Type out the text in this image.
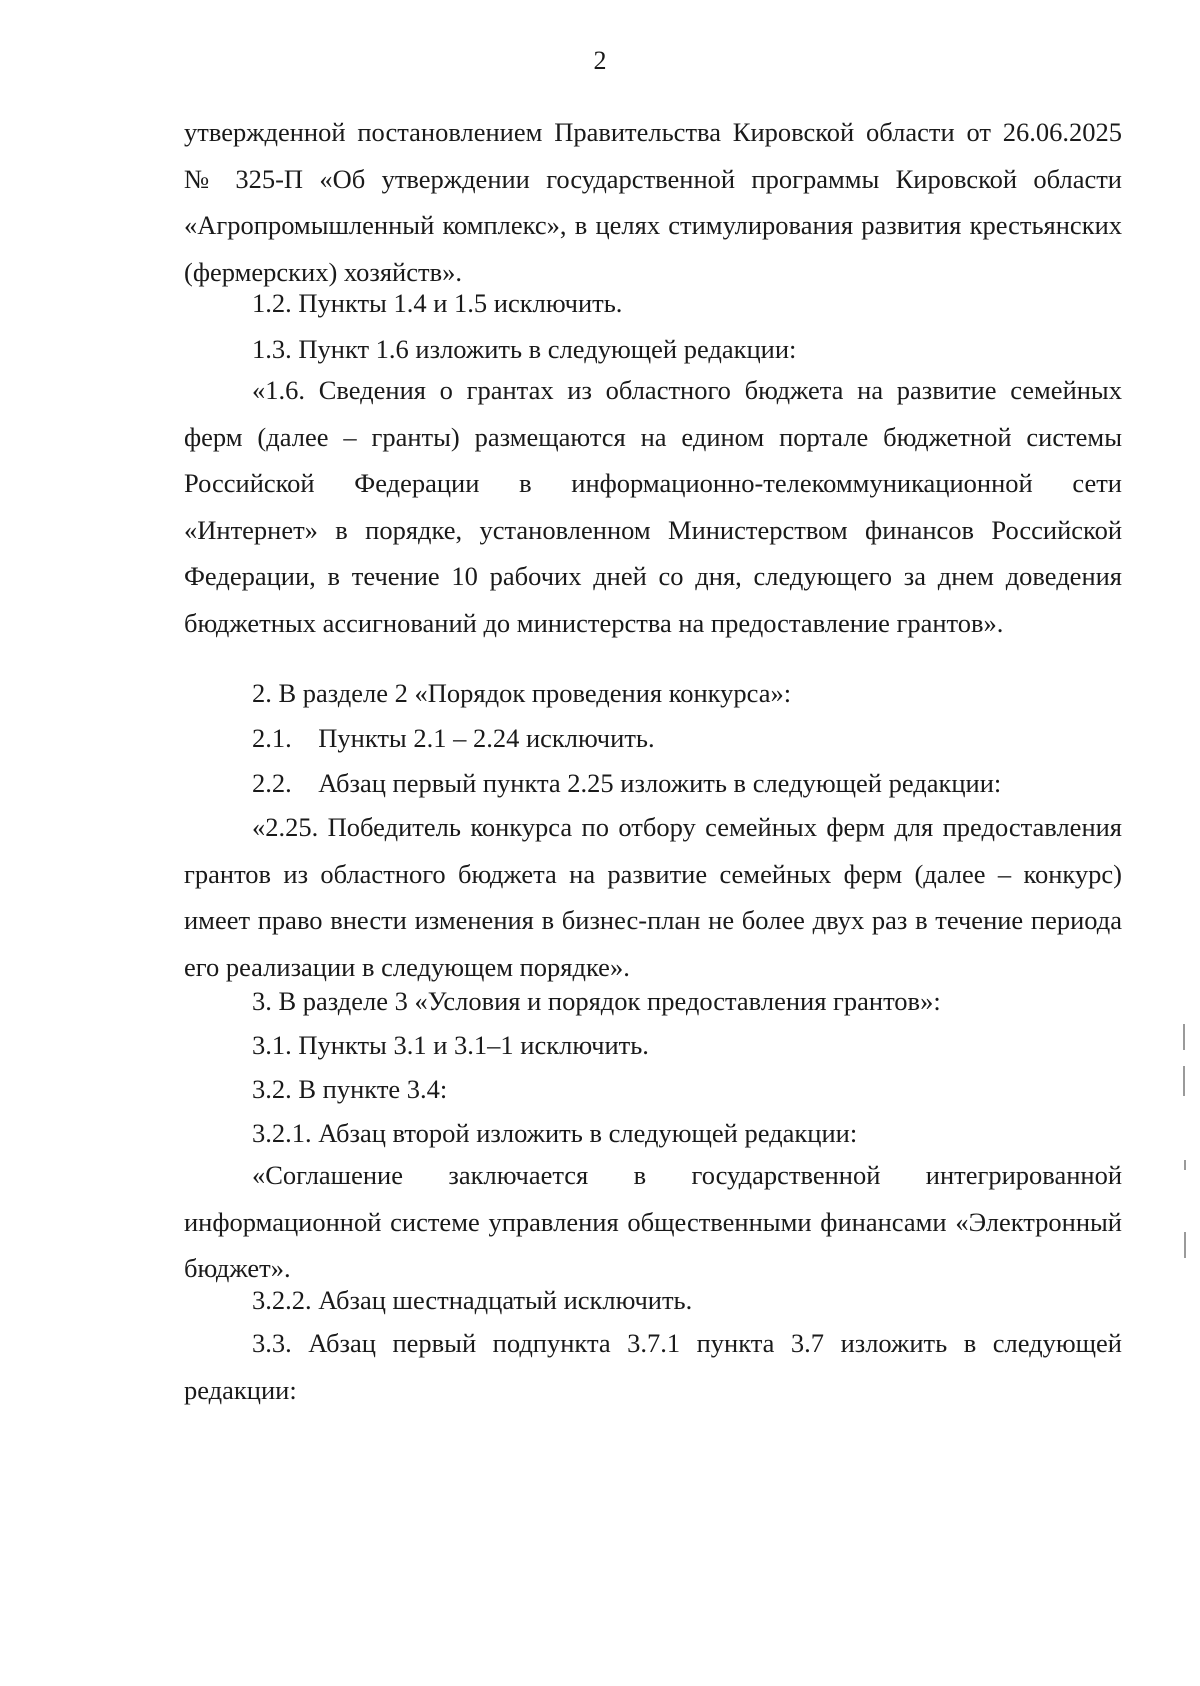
2

утвержденной постановлением Правительства Кировской области от 26.06.2025 № 325-П «Об утверждении государственной программы Кировской области «Агропромышленный комплекс», в целях стимулирования развития крестьянских (фермерских) хозяйств».

1.2. Пункты 1.4 и 1.5 исключить.

1.3. Пункт 1.6 изложить в следующей редакции:

«1.6. Сведения о грантах из областного бюджета на развитие семейных ферм (далее – гранты) размещаются на едином портале бюджетной системы Российской Федерации в информационно-телекоммуникационной сети «Интернет» в порядке, установленном Министерством финансов Российской Федерации, в течение 10 рабочих дней со дня, следующего за днем доведения бюджетных ассигнований до министерства на предоставление грантов».

2. В разделе 2 «Порядок проведения конкурса»:

2.1.    Пункты 2.1 – 2.24 исключить.

2.2.    Абзац первый пункта 2.25 изложить в следующей редакции:

«2.25. Победитель конкурса по отбору семейных ферм для предоставления грантов из областного бюджета на развитие семейных ферм (далее – конкурс) имеет право внести изменения в бизнес-план не более двух раз в течение периода его реализации в следующем порядке».

3. В разделе 3 «Условия и порядок предоставления грантов»:

3.1. Пункты 3.1 и 3.1–1 исключить.

3.2. В пункте 3.4:

3.2.1. Абзац второй изложить в следующей редакции:

«Соглашение заключается в государственной интегрированной информационной системе управления общественными финансами «Электронный бюджет».

3.2.2. Абзац шестнадцатый исключить.

3.3. Абзац первый подпункта 3.7.1 пункта 3.7 изложить в следующей редакции:
